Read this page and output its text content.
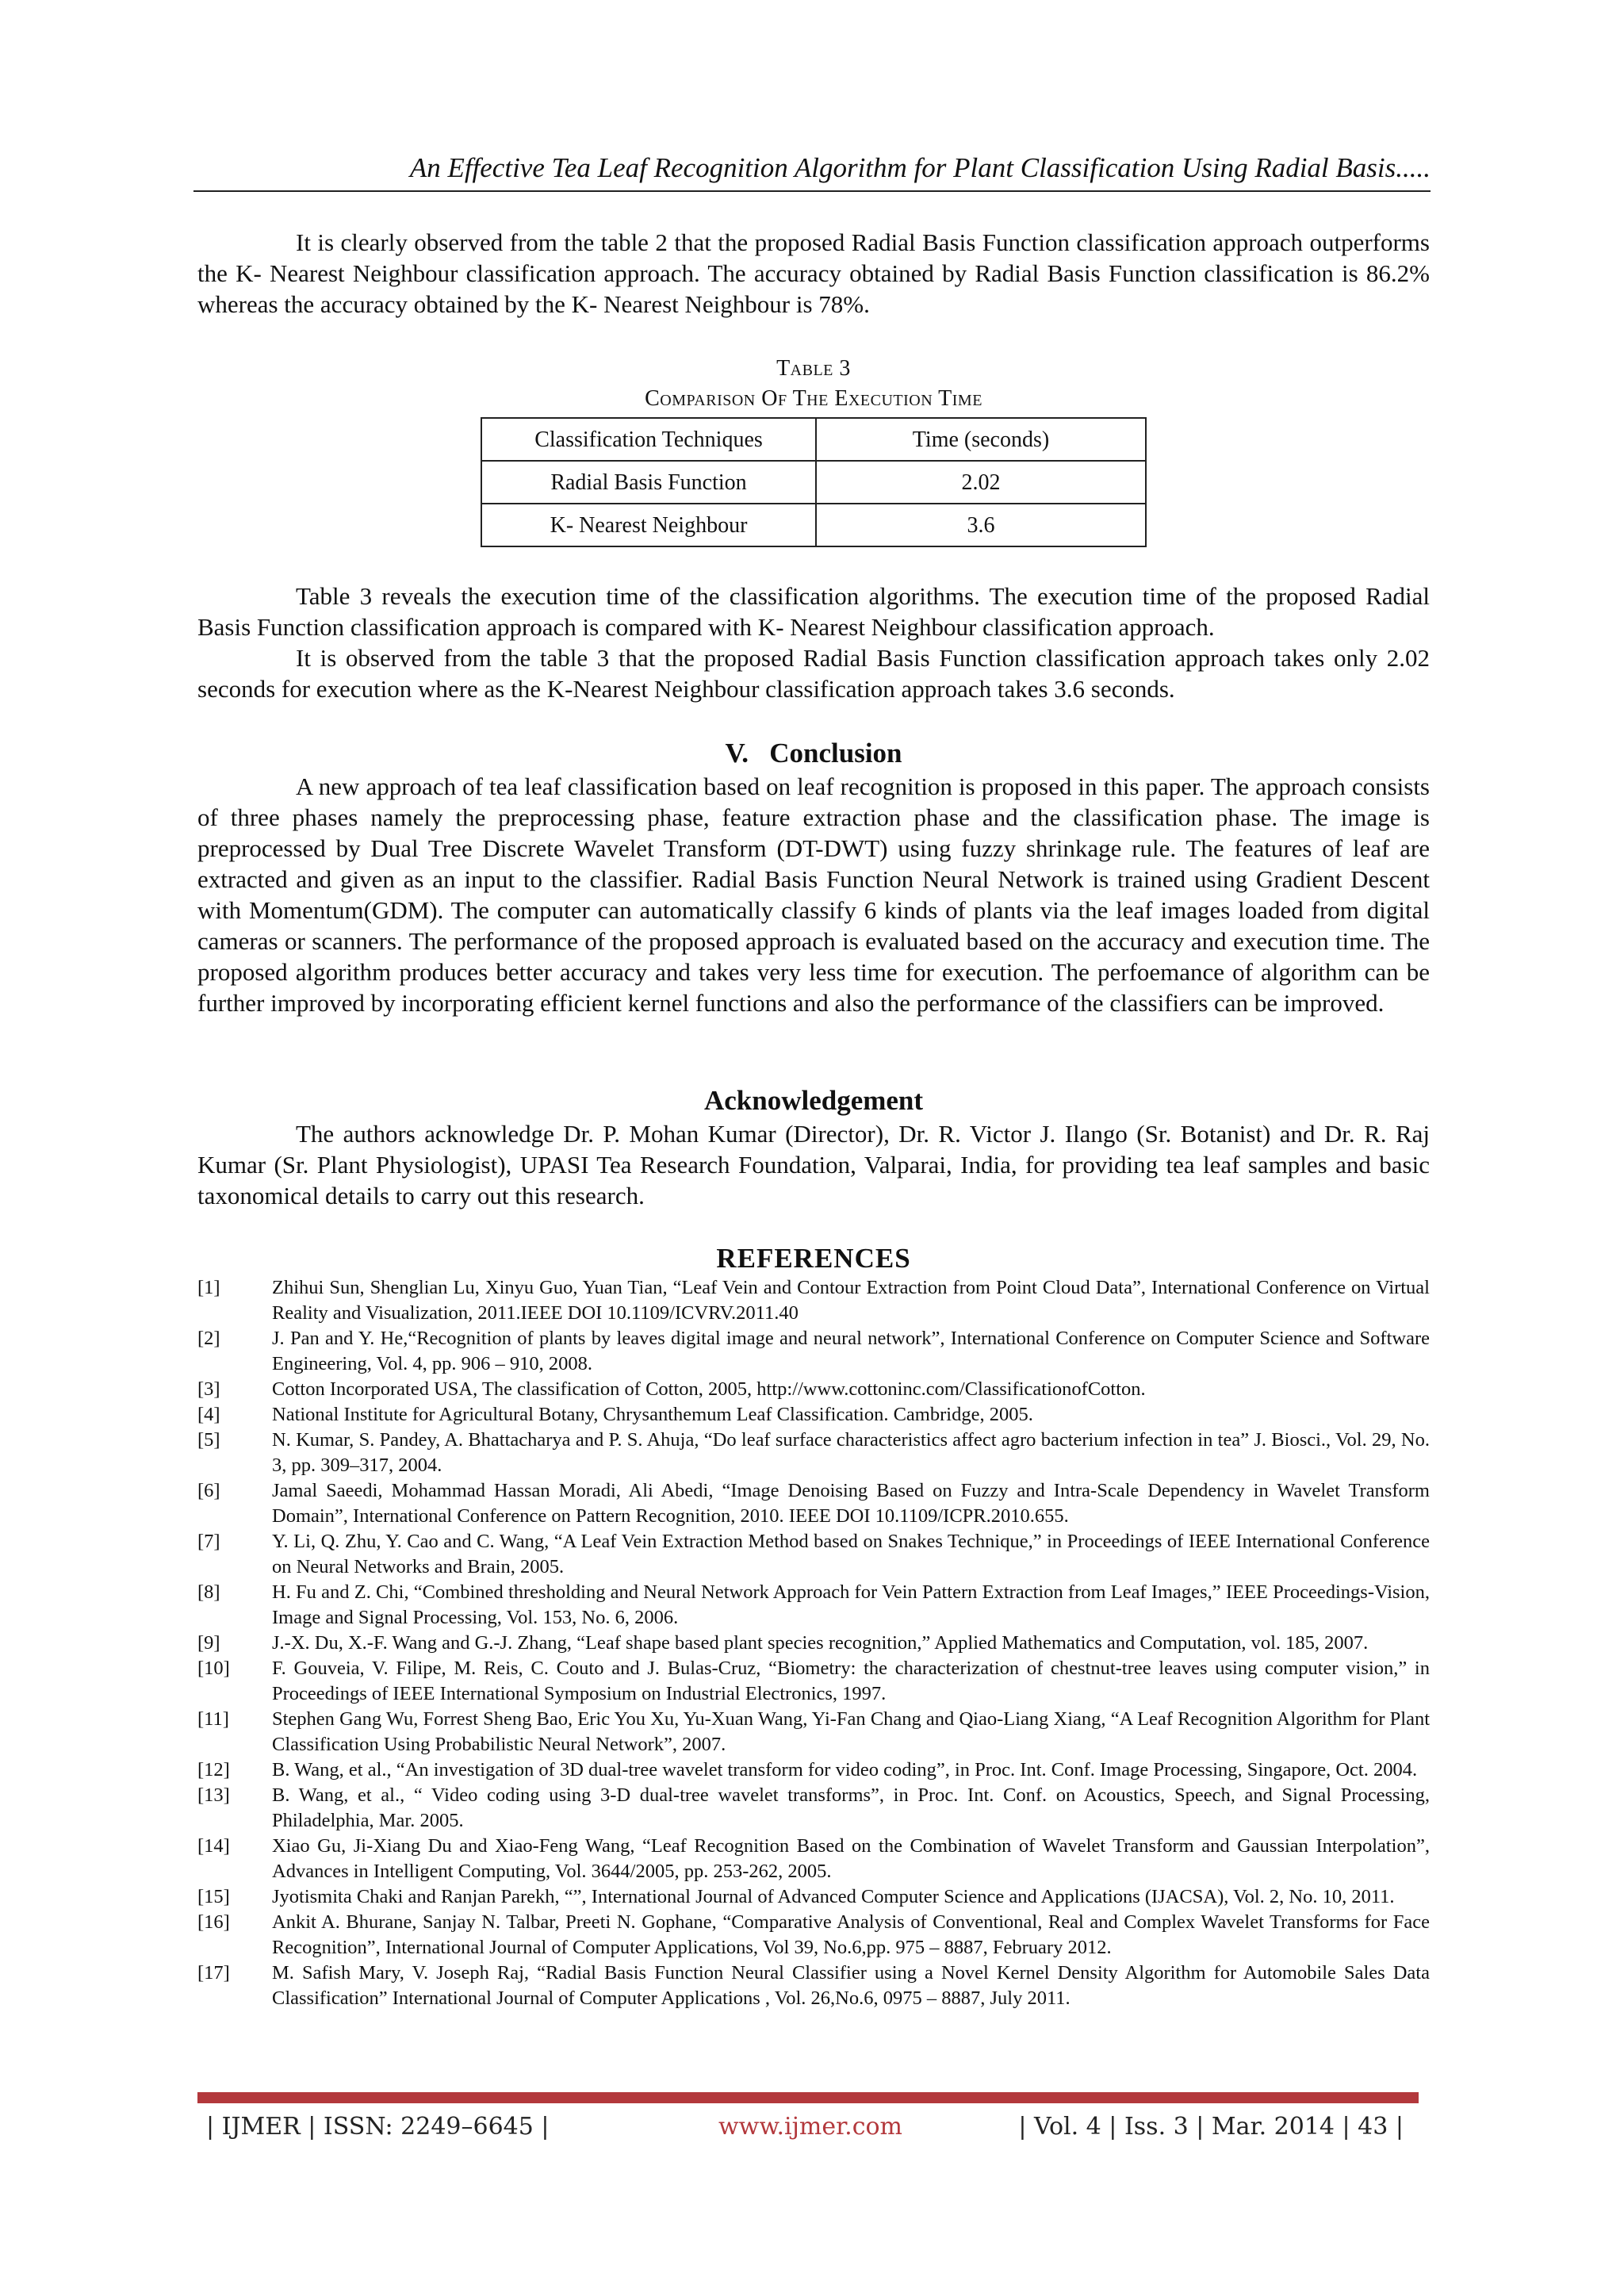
An Effective Tea Leaf Recognition Algorithm for Plant Classification Using Radial Basis.....

It is clearly observed from the table 2 that the proposed Radial Basis Function classification approach outperforms the K- Nearest Neighbour classification approach. The accuracy obtained by Radial Basis Function classification is 86.2% whereas the accuracy obtained by the K- Nearest Neighbour is 78%.

Table 3
Comparison Of The Execution Time
Classification Techniques	Time (seconds)
Radial Basis Function	2.02
K- Nearest Neighbour	3.6

Table 3 reveals the execution time of the classification algorithms. The execution time of the proposed Radial Basis Function classification approach is compared with K- Nearest Neighbour classification approach.

It is observed from the table 3 that the proposed Radial Basis Function classification approach takes only 2.02 seconds for execution where as the K-Nearest Neighbour classification approach takes 3.6 seconds.

V.   Conclusion

A new approach of tea leaf classification based on leaf recognition is proposed in this paper. The approach consists of three phases namely the preprocessing phase, feature extraction phase and the classification phase. The image is preprocessed by Dual Tree Discrete Wavelet Transform (DT-DWT) using fuzzy shrinkage rule. The features of leaf are extracted and given as an input to the classifier. Radial Basis Function Neural Network is trained using Gradient Descent with Momentum(GDM). The computer can automatically classify 6 kinds of plants via the leaf images loaded from digital cameras or scanners. The performance of the proposed approach is evaluated based on the accuracy and execution time. The proposed algorithm produces better accuracy and takes very less time for execution. The perfoemance of algorithm can be further improved by incorporating efficient kernel functions and also the performance of the classifiers can be improved.

Acknowledgement

The authors acknowledge Dr. P. Mohan Kumar (Director), Dr. R. Victor J. Ilango (Sr. Botanist) and Dr. R. Raj Kumar (Sr. Plant Physiologist), UPASI Tea Research Foundation, Valparai, India, for providing tea leaf samples and basic taxonomical details to carry out this research.

REFERENCES
[1]	Zhihui Sun, Shenglian Lu, Xinyu Guo, Yuan Tian, “Leaf Vein and Contour Extraction from Point Cloud Data”, International Conference on Virtual Reality and Visualization, 2011.IEEE DOI 10.1109/ICVRV.2011.40
[2]	J. Pan and Y. He,“Recognition of plants by leaves digital image and neural network”, International Conference on Computer Science and Software Engineering, Vol. 4, pp. 906 – 910, 2008.
[3]	Cotton Incorporated USA, The classification of Cotton, 2005, http://www.cottoninc.com/ClassificationofCotton.
[4]	National Institute for Agricultural Botany, Chrysanthemum Leaf Classification. Cambridge, 2005.
[5]	N. Kumar, S. Pandey, A. Bhattacharya and P. S. Ahuja, “Do leaf surface characteristics affect agro bacterium infection in tea” J. Biosci., Vol. 29, No. 3, pp. 309–317, 2004.
[6]	Jamal Saeedi, Mohammad Hassan Moradi, Ali Abedi, “Image Denoising Based on Fuzzy and Intra-Scale Dependency in Wavelet Transform Domain”, International Conference on Pattern Recognition, 2010. IEEE DOI 10.1109/ICPR.2010.655.
[7]	Y. Li, Q. Zhu, Y. Cao and C. Wang, “A Leaf Vein Extraction Method based on Snakes Technique,” in Proceedings of IEEE International Conference on Neural Networks and Brain, 2005.
[8]	H. Fu and Z. Chi, “Combined thresholding and Neural Network Approach for Vein Pattern Extraction from Leaf Images,” IEEE Proceedings-Vision, Image and Signal Processing, Vol. 153, No. 6, 2006.
[9]	J.-X. Du, X.-F. Wang and G.-J. Zhang, “Leaf shape based plant species recognition,” Applied Mathematics and Computation, vol. 185, 2007.
[10]	F. Gouveia, V. Filipe, M. Reis, C. Couto and J. Bulas-Cruz, “Biometry: the characterization of chestnut-tree leaves using computer vision,” in Proceedings of IEEE International Symposium on Industrial Electronics, 1997.
[11]	Stephen Gang Wu, Forrest Sheng Bao, Eric You Xu, Yu-Xuan Wang, Yi-Fan Chang and Qiao-Liang Xiang, “A Leaf Recognition Algorithm for Plant Classification Using Probabilistic Neural Network”, 2007.
[12]	B. Wang, et al., “An investigation of 3D dual-tree wavelet transform for video coding”, in Proc. Int. Conf. Image Processing, Singapore, Oct. 2004.
[13]	B. Wang, et al., “ Video coding using 3-D dual-tree wavelet transforms”, in Proc. Int. Conf. on Acoustics, Speech, and Signal Processing, Philadelphia, Mar. 2005.
[14]	Xiao Gu, Ji-Xiang Du and Xiao-Feng Wang, “Leaf Recognition Based on the Combination of Wavelet Transform and Gaussian Interpolation”, Advances in Intelligent Computing, Vol. 3644/2005, pp. 253-262, 2005.
[15]	Jyotismita Chaki and Ranjan Parekh, “”, International Journal of Advanced Computer Science and Applications (IJACSA), Vol. 2, No. 10, 2011.
[16]	Ankit A. Bhurane, Sanjay N. Talbar, Preeti N. Gophane, “Comparative Analysis of Conventional, Real and Complex Wavelet Transforms for Face Recognition”, International Journal of Computer Applications, Vol 39, No.6,pp. 975 – 8887, February 2012.
[17]	M. Safish Mary, V. Joseph Raj, “Radial Basis Function Neural Classifier using a Novel Kernel Density Algorithm for Automobile Sales Data Classification” International Journal of Computer Applications , Vol. 26,No.6, 0975 – 8887, July 2011.
| IJMER | ISSN: 2249–6645 |	www.ijmer.com	| Vol. 4 | Iss. 3 | Mar. 2014 | 43 |
